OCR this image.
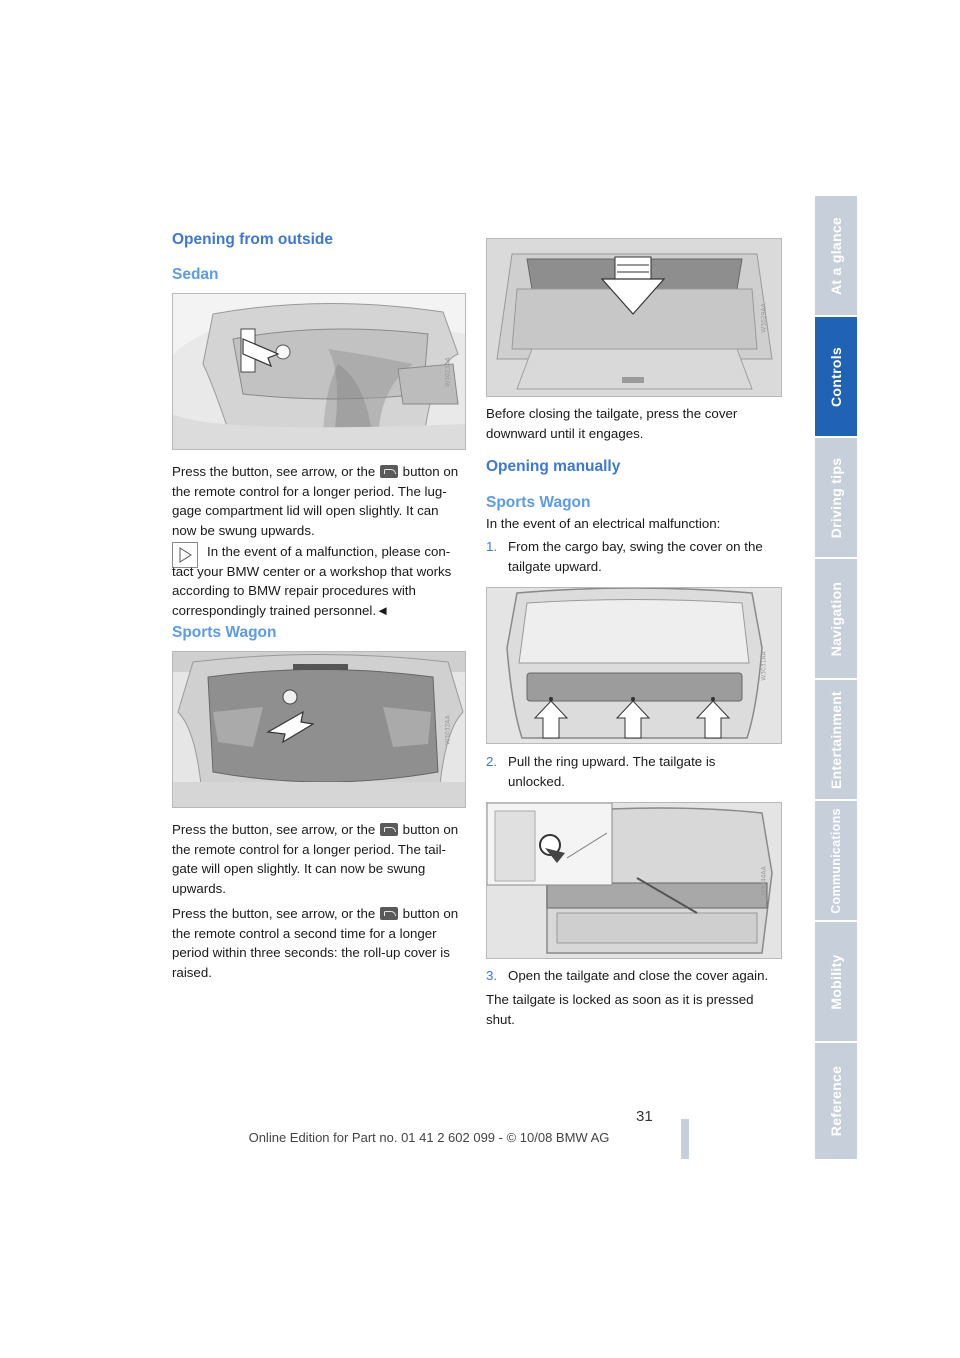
Opening from outside
Sedan
W3023AA

Press the button, see arrow, or the button on the remote control for a longer period. The lug-gage compartment lid will open slightly. It can now be swung upwards.

In the event of a malfunction, please con-tact your BMW center or a workshop that works according to BMW repair procedures with correspondingly trained personnel.◄

Sports Wagon
W3032AA

Press the button, see arrow, or the button on the remote control for a longer period. The tail-gate will open slightly. It can now be swung upwards.

Press the button, see arrow, or the button on the remote control a second time for a longer period within three seconds: the roll-up cover is raised.

W3029AA

Before closing the tailgate, press the cover downward until it engages.

Opening manually
Sports Wagon

In the event of an electrical malfunction:

1. From the cargo bay, swing the cover on the tailgate upward.
W3031AA
2. Pull the ring upward. The tailgate is unlocked.
W3044AA
3. Open the tailgate and close the cover again.

The tailgate is locked as soon as it is pressed shut.

At a glance
Controls
Driving tips
Navigation
Entertainment
Communications
Mobility
Reference
31
Online Edition for Part no. 01 41 2 602 099 - © 10/08 BMW AG
